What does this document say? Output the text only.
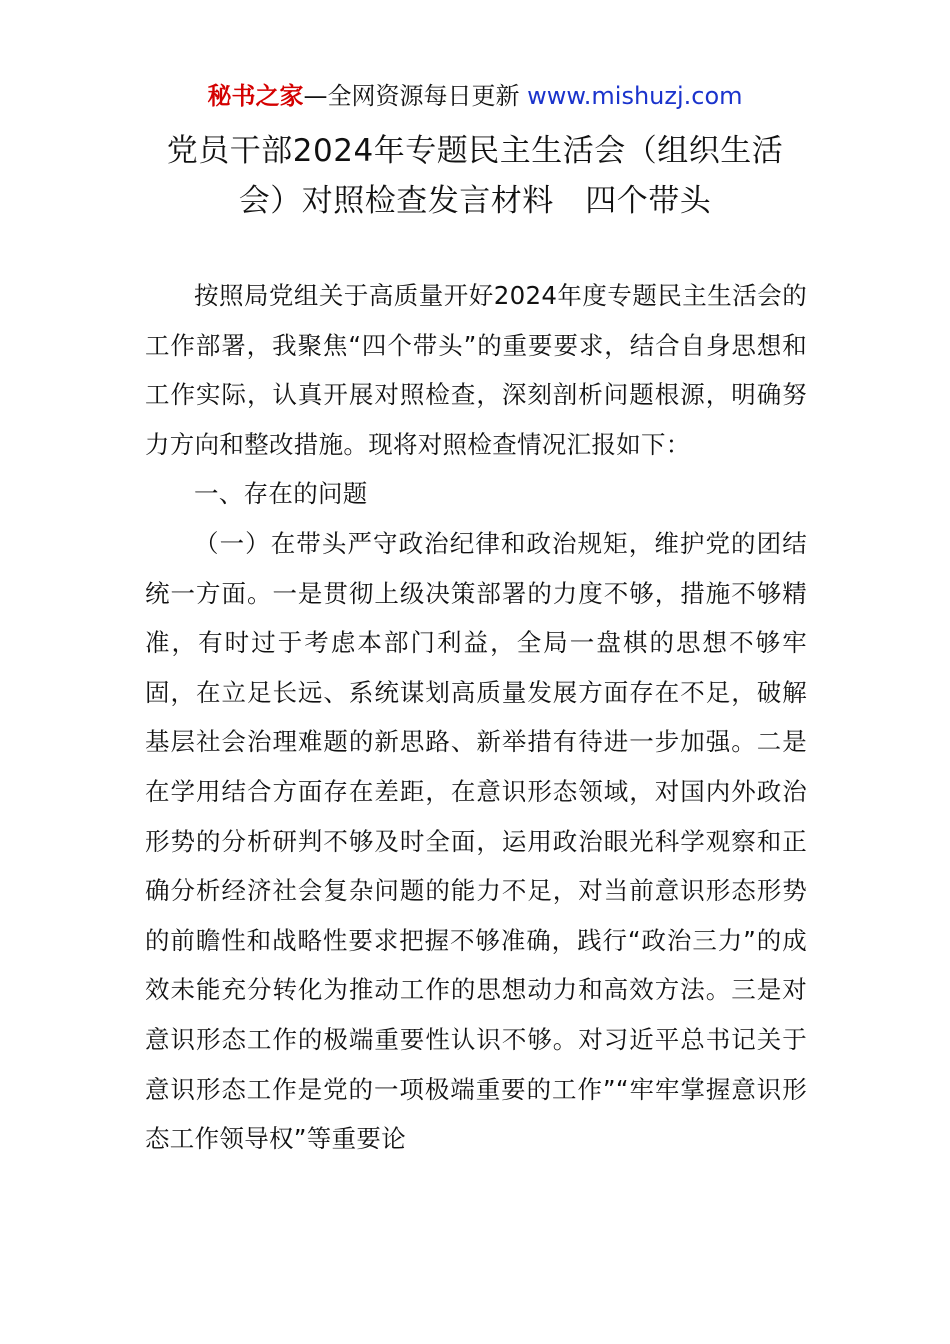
秘书之家—全网资源每日更新 www.mishuzj.com
党员干部2024年专题民主生活会（组织生活
会）对照检查发言材料　四个带头

按照局党组关于高质量开好2024年度专题民主生活会的工作部署，我聚焦“四个带头”的重要要求，结合自身思想和工作实际，认真开展对照检查，深刻剖析问题根源，明确努力方向和整改措施。现将对照检查情况汇报如下：

一、存在的问题

（一）在带头严守政治纪律和政治规矩，维护党的团结统一方面。一是贯彻上级决策部署的力度不够，措施不够精准，有时过于考虑本部门利益，全局一盘棋的思想不够牢固，在立足长远、系统谋划高质量发展方面存在不足，破解基层社会治理难题的新思路、新举措有待进一步加强。二是在学用结合方面存在差距，在意识形态领域，对国内外政治形势的分析研判不够及时全面，运用政治眼光科学观察和正确分析经济社会复杂问题的能力不足，对当前意识形态形势的前瞻性和战略性要求把握不够准确，践行“政治三力”的成效未能充分转化为推动工作的思想动力和高效方法。三是对意识形态工作的极端重要性认识不够。对习近平总书记关于意识形态工作是党的一项极端重要的工作”“牢牢掌握意识形态工作领导权”等重要论
